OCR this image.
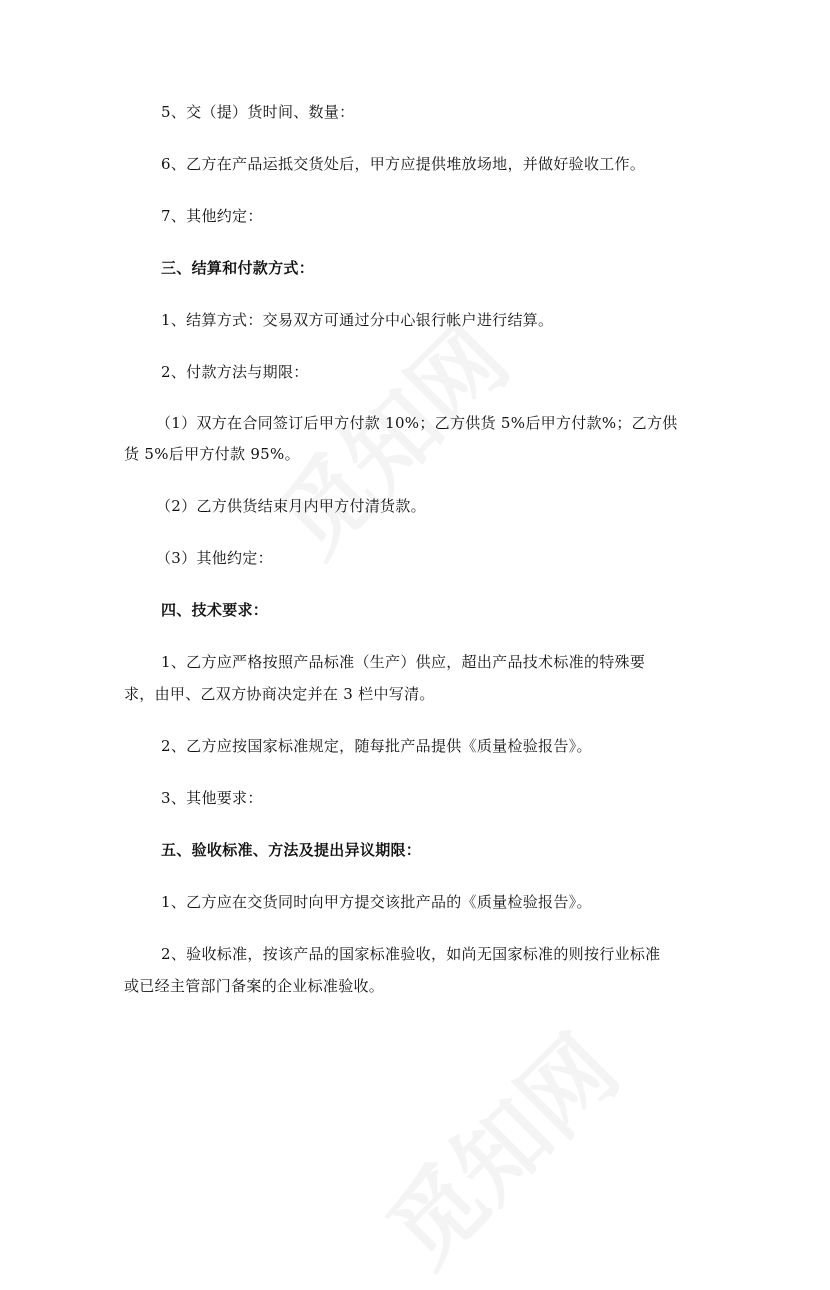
5、交（提）货时间、数量：
6、乙方在产品运抵交货处后，甲方应提供堆放场地，并做好验收工作。
7、其他约定：
三、结算和付款方式：
1、结算方式：交易双方可通过分中心银行帐户进行结算。
2、付款方法与期限：
（1）双方在合同签订后甲方付款 10%；乙方供货 5%后甲方付款%；乙方供
货 5%后甲方付款 95%。
（2）乙方供货结束月内甲方付清货款。
（3）其他约定：
四、技术要求：
1、乙方应严格按照产品标准（生产）供应，超出产品技术标准的特殊要
求，由甲、乙双方协商决定并在 3 栏中写清。
2、乙方应按国家标准规定，随每批产品提供《质量检验报告》。
3、其他要求：
五、验收标准、方法及提出异议期限：
1、乙方应在交货同时向甲方提交该批产品的《质量检验报告》。
2、验收标准，按该产品的国家标准验收，如尚无国家标准的则按行业标准
或已经主管部门备案的企业标准验收。
